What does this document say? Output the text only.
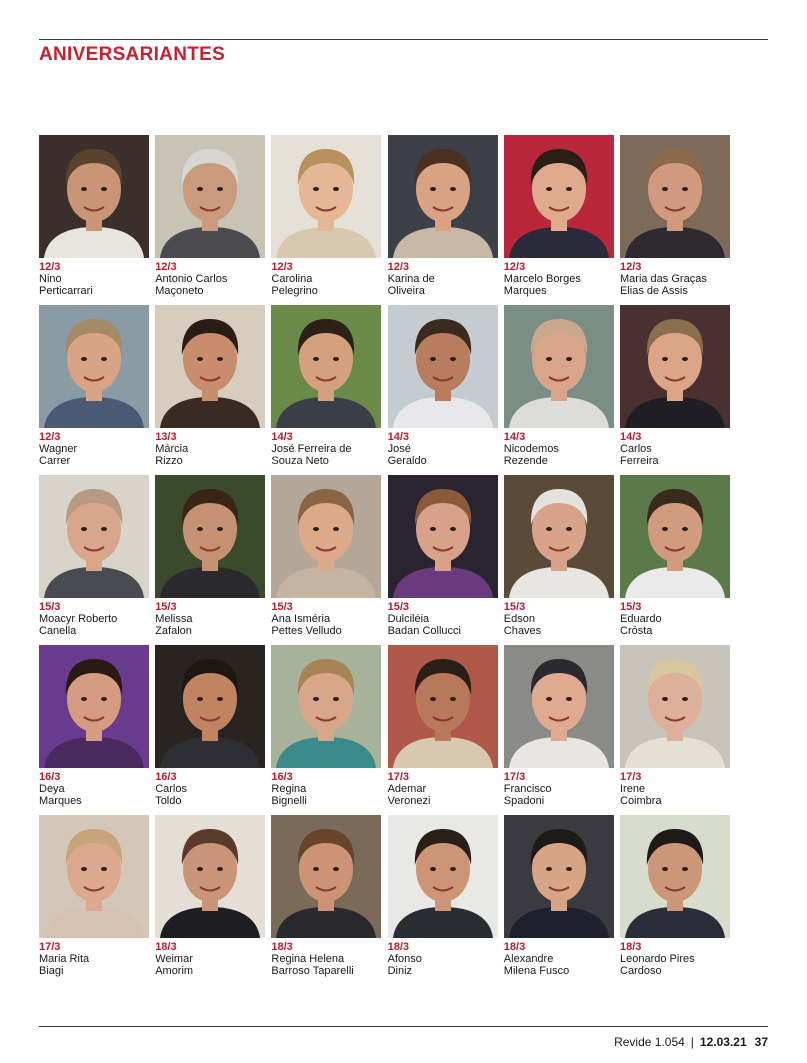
ANIVERSARIANTES
12/3
Nino
Perticarrari
12/3
Antonio Carlos
Maçoneto
12/3
Carolina
Pelegrino
12/3
Karina de
Oliveira
12/3
Marcelo Borges
Marques
12/3
Maria das Graças
Elias de Assis
12/3
Wagner
Carrer
13/3
Márcia
Rizzo
14/3
José Ferreira de
Souza Neto
14/3
José
Geraldo
14/3
Nicodemos
Rezende
14/3
Carlos
Ferreira
15/3
Moacyr Roberto
Canella
15/3
Melissa
Zafalon
15/3
Ana Isméria
Pettes Velludo
15/3
Dulciléia
Badan Collucci
15/3
Edson
Chaves
15/3
Eduardo
Crósta
16/3
Deya
Marques
16/3
Carlos
Toldo
16/3
Regina
Bignelli
17/3
Ademar
Veronezi
17/3
Francisco
Spadoni
17/3
Irene
Coimbra
17/3
Maria Rita
Biagi
18/3
Weimar
Amorim
18/3
Regina Helena
Barroso Taparelli
18/3
Afonso
Diniz
18/3
Alexandre
Milena Fusco
18/3
Leonardo Pires
Cardoso
Revide 1.054 | 12.03.21 37
